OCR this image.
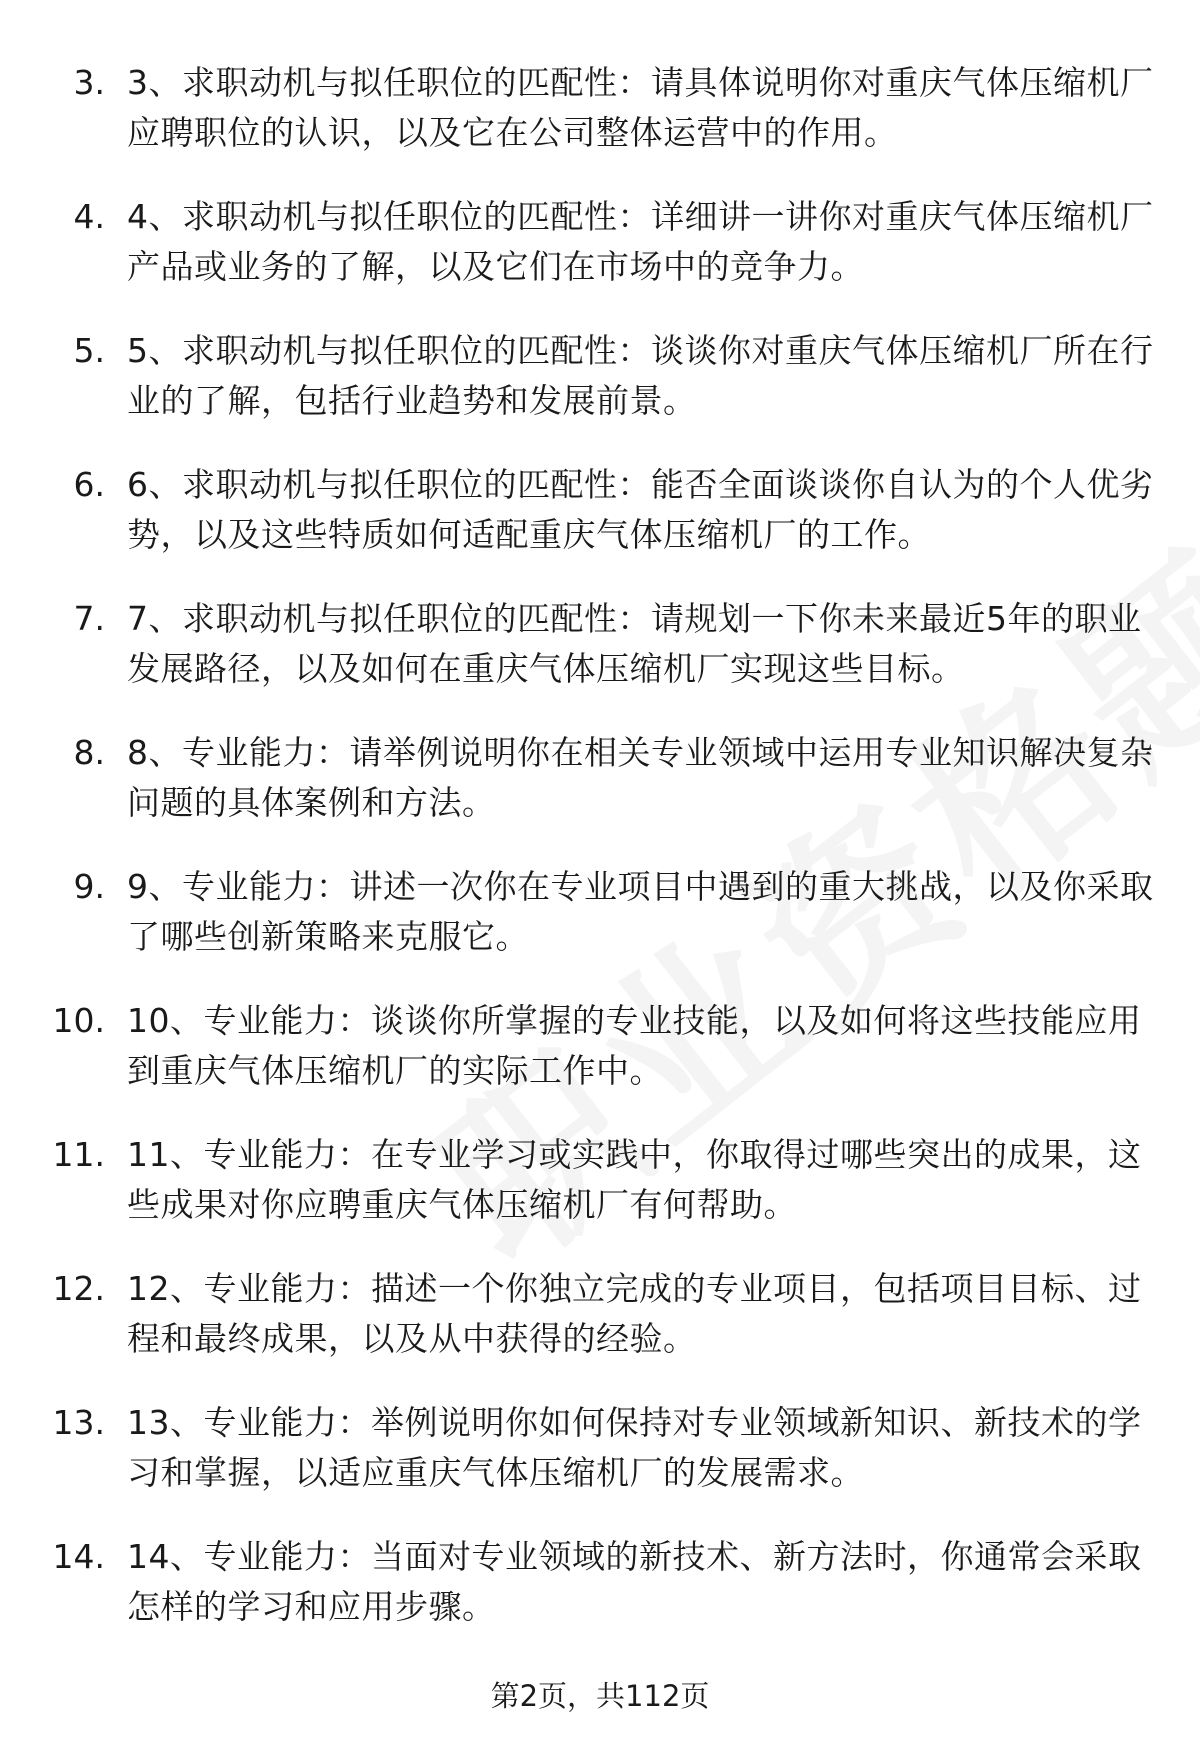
3. 3、求职动机与拟任职位的匹配性：请具体说明你对重庆气体压缩机厂应聘职位的认识，以及它在公司整体运营中的作用。

4. 4、求职动机与拟任职位的匹配性：详细讲一讲你对重庆气体压缩机厂产品或业务的了解，以及它们在市场中的竞争力。

5. 5、求职动机与拟任职位的匹配性：谈谈你对重庆气体压缩机厂所在行业的了解，包括行业趋势和发展前景。

6. 6、求职动机与拟任职位的匹配性：能否全面谈谈你自认为的个人优劣势，以及这些特质如何适配重庆气体压缩机厂的工作。

7. 7、求职动机与拟任职位的匹配性：请规划一下你未来最近5年的职业发展路径，以及如何在重庆气体压缩机厂实现这些目标。

8. 8、专业能力：请举例说明你在相关专业领域中运用专业知识解决复杂问题的具体案例和方法。

9. 9、专业能力：讲述一次你在专业项目中遇到的重大挑战，以及你采取了哪些创新策略来克服它。

10. 10、专业能力：谈谈你所掌握的专业技能，以及如何将这些技能应用到重庆气体压缩机厂的实际工作中。

11. 11、专业能力：在专业学习或实践中，你取得过哪些突出的成果，这些成果对你应聘重庆气体压缩机厂有何帮助。

12. 12、专业能力：描述一个你独立完成的专业项目，包括项目目标、过程和最终成果，以及从中获得的经验。

13. 13、专业能力：举例说明你如何保持对专业领域新知识、新技术的学习和掌握，以适应重庆气体压缩机厂的发展需求。

14. 14、专业能力：当面对专业领域的新技术、新方法时，你通常会采取怎样的学习和应用步骤。

第2页，共112页
